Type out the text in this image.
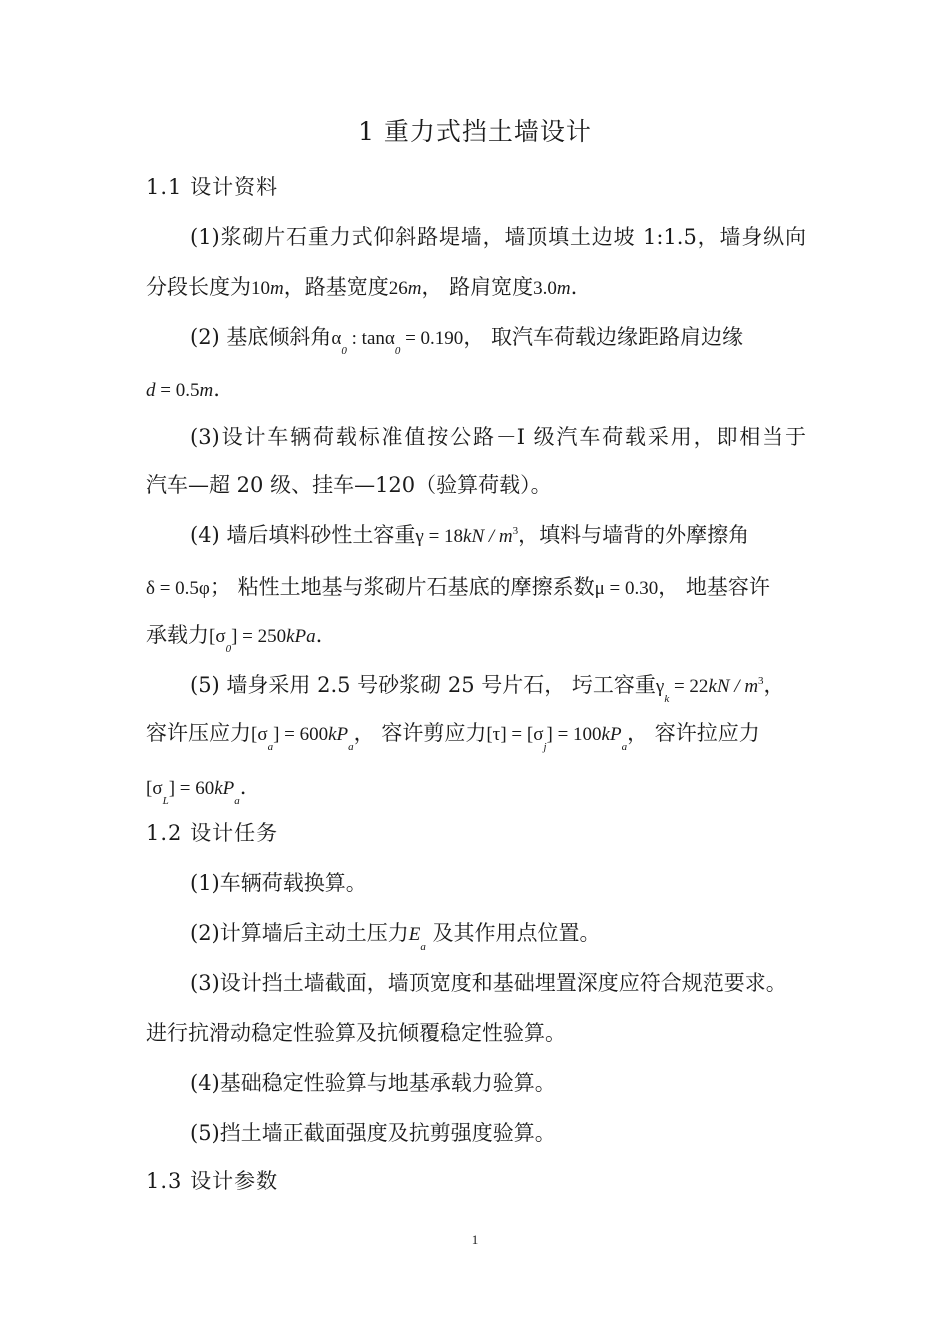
1 重力式挡土墙设计
1.1 设计资料
(1)浆砌片石重力式仰斜路堤墙，墙顶填土边坡 1:1.5，墙身纵向
分段长度为10m，路基宽度26m， 路肩宽度3.0m.
(2) 基底倾斜角$\alpha_0$ : tanα$_0$ = 0.190， 取汽车荷载边缘距路肩边缘
d = 0.5m.
(3)设计车辆荷载标准值按公路－I 级汽车荷载采用，即相当于
汽车—超 20 级、挂车—120（验算荷载）。
(4) 墙后填料砂性土容重$\gamma = 18kN / m^3$，填料与墙背的外摩擦角
δ = 0.5φ； 粘性土地基与浆砌片石基底的摩擦系数μ = 0.30， 地基容许
承载力$[\sigma_0] = 250kPa$.
(5) 墙身采用 2.5 号砂浆砌 25 号片石， 圬工容重$\gamma_k = 22kN / m^3$，
容许压应力$[\sigma_a] = 600kP_a$， 容许剪应力$[\tau] = [\sigma_j] = 100kP_a$， 容许拉应力
$[\sigma_L] = 60kP_a$.
1.2 设计任务
(1)车辆荷载换算。
(2)计算墙后主动土压力$E_a$ 及其作用点位置。
(3)设计挡土墙截面，墙顶宽度和基础埋置深度应符合规范要求。
进行抗滑动稳定性验算及抗倾覆稳定性验算。
(4)基础稳定性验算与地基承载力验算。
(5)挡土墙正截面强度及抗剪强度验算。
1.3 设计参数
1
